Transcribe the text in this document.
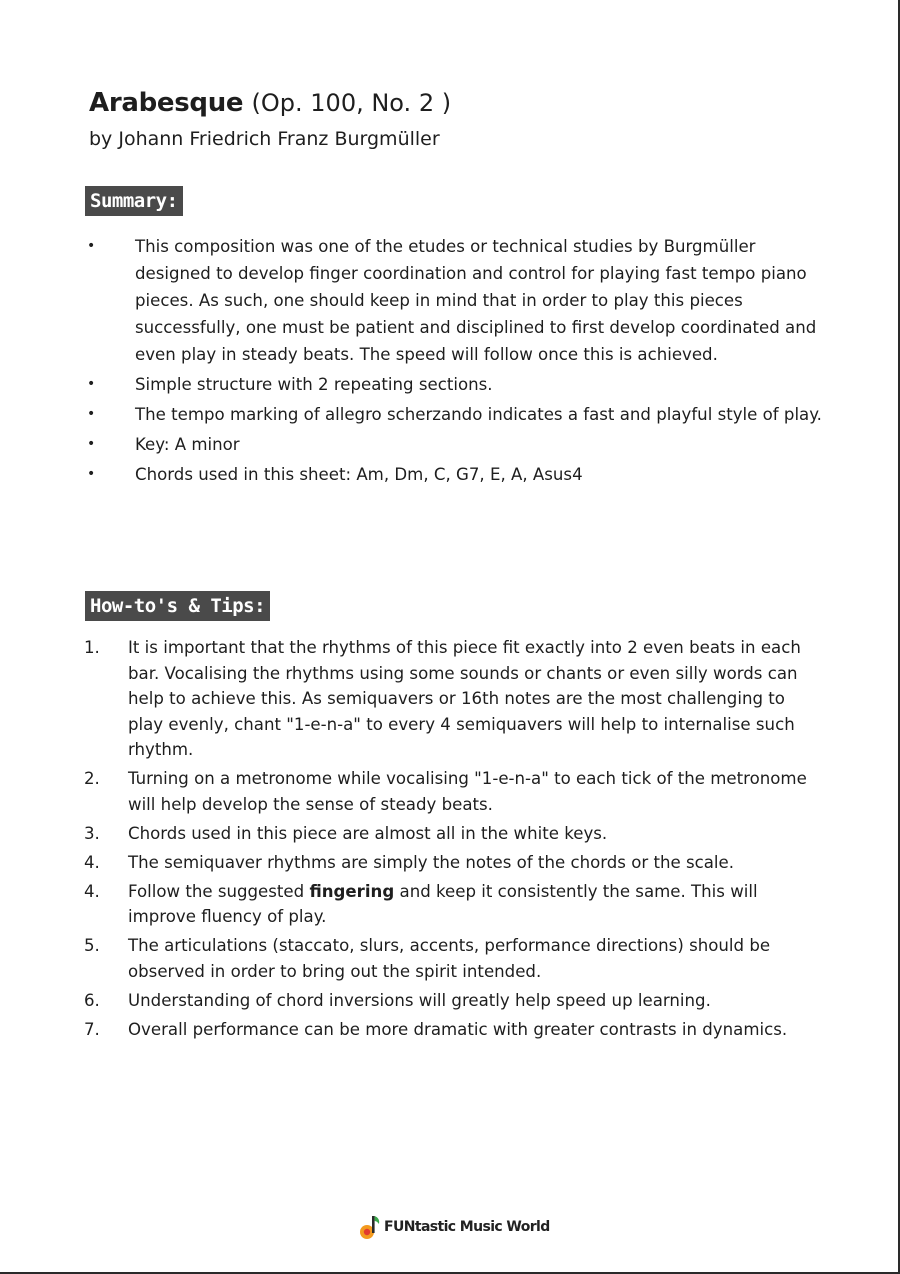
Arabesque (Op. 100, No. 2 )
by Johann Friedrich Franz Burgmüller
Summary:
•	This composition was one of the etudes or technical studies by Burgmüller designed to develop finger coordination and control for playing fast tempo piano pieces. As such, one should keep in mind that in order to play this pieces successfully, one must be patient and disciplined to first develop coordinated and even play in steady beats. The speed will follow once this is achieved.
•	Simple structure with 2 repeating sections.
•	The tempo marking of allegro scherzando indicates a fast and playful style of play.
•	Key: A minor
•	Chords used in this sheet: Am, Dm, C, G7, E, A, Asus4
How-to's & Tips:
1.	It is important that the rhythms of this piece fit exactly into 2 even beats in each bar. Vocalising the rhythms using some sounds or chants or even silly words can help to achieve this. As semiquavers or 16th notes are the most challenging to play evenly, chant "1-e-n-a" to every 4 semiquavers will help to internalise such rhythm.
2.	Turning on a metronome while vocalising "1-e-n-a" to each tick of the metronome will help develop the sense of steady beats.
3.	Chords used in this piece are almost all in the white keys.
4.	The semiquaver rhythms are simply the notes of the chords or the scale.
4.	Follow the suggested fingering and keep it consistently the same. This will improve fluency of play.
5.	The articulations (staccato, slurs, accents, performance directions) should be observed in order to bring out the spirit intended.
6.	Understanding of chord inversions will greatly help speed up learning.
7.	Overall performance can be more dramatic with greater contrasts in dynamics.
FUNtastic Music World
